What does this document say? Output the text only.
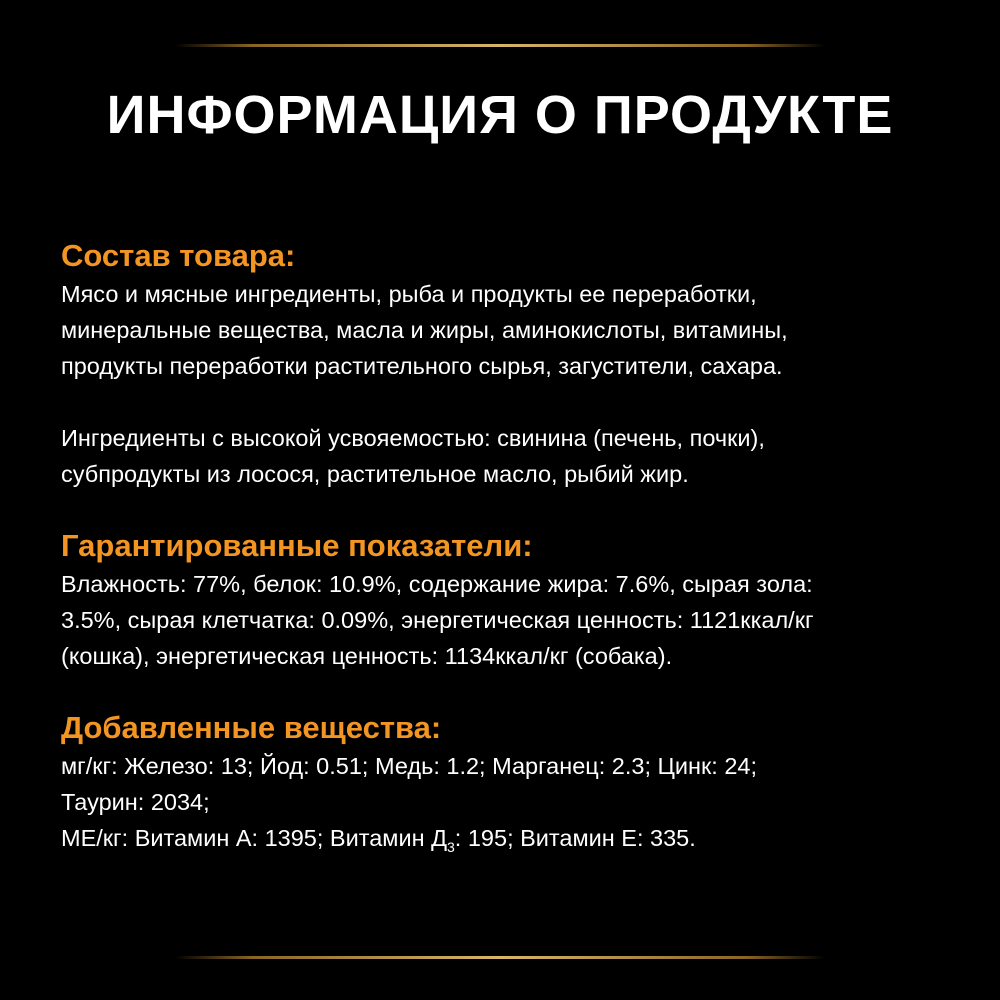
ИНФОРМАЦИЯ О ПРОДУКТЕ
Состав товара:

Мясо и мясные ингредиенты, рыба и продукты ее переработки,
минеральные вещества, масла и жиры, аминокислоты, витамины,
продукты переработки растительного сырья, загустители, сахара.

Ингредиенты с высокой усвояемостью: свинина (печень, почки),
субпродукты из лосося, растительное масло, рыбий жир.

Гарантированные показатели:

Влажность: 77%, белок: 10.9%, содержание жира: 7.6%, сырая зола:
3.5%, сырая клетчатка: 0.09%, энергетическая ценность: 1121ккал/кг
(кошка), энергетическая ценность: 1134ккал/кг (собака).

Добавленные вещества:

мг/кг: Железо: 13; Йод: 0.51; Медь: 1.2; Марганец: 2.3; Цинк: 24;
Таурин: 2034;
МЕ/кг: Витамин А: 1395; Витамин $Д_3$: 195; Витамин Е: 335.
